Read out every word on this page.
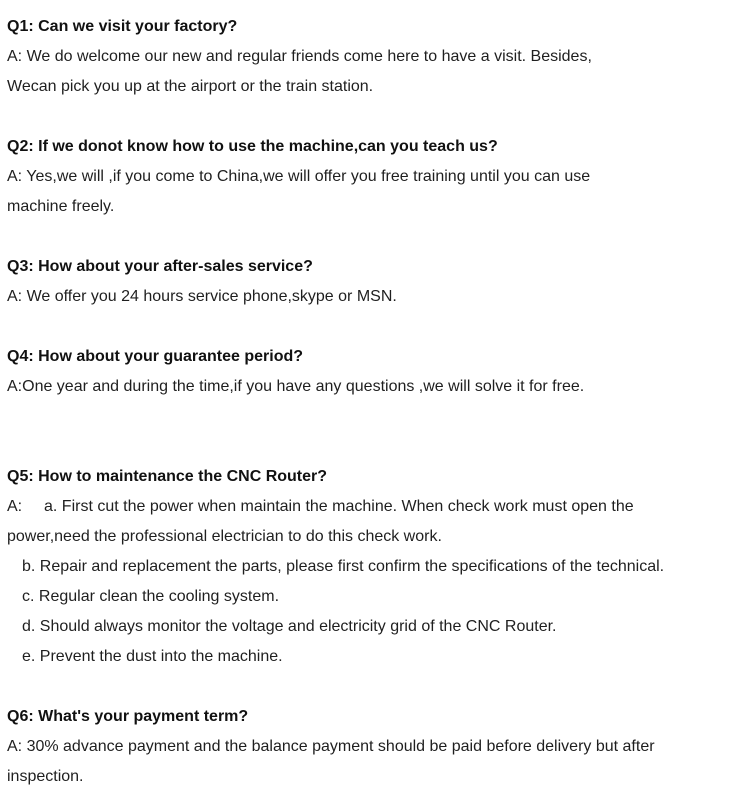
Q1: Can we visit your factory?
A: We do welcome our new and regular friends come here to have a visit. Besides,
Wecan pick you up at the airport or the train station.
Q2: If we donot know how to use the machine,can you teach us?
A: Yes,we will ,if you come to China,we will offer you free training until you can use
machine freely.
Q3: How about your after-sales service?
A: We offer you 24 hours service phone,skype or MSN.
Q4: How about your guarantee period?
A:One year and during the time,if you have any questions ,we will solve it for free.
Q5: How to maintenance the CNC Router?
A: a. First cut the power when maintain the machine. When check work must open the
power,need the professional electrician to do this check work.
b. Repair and replacement the parts, please first confirm the specifications of the technical.
c. Regular clean the cooling system.
d. Should always monitor the voltage and electricity grid of the CNC Router.
e. Prevent the dust into the machine.
Q6: What's your payment term?
A: 30% advance payment and the balance payment should be paid before delivery but after
inspection.
